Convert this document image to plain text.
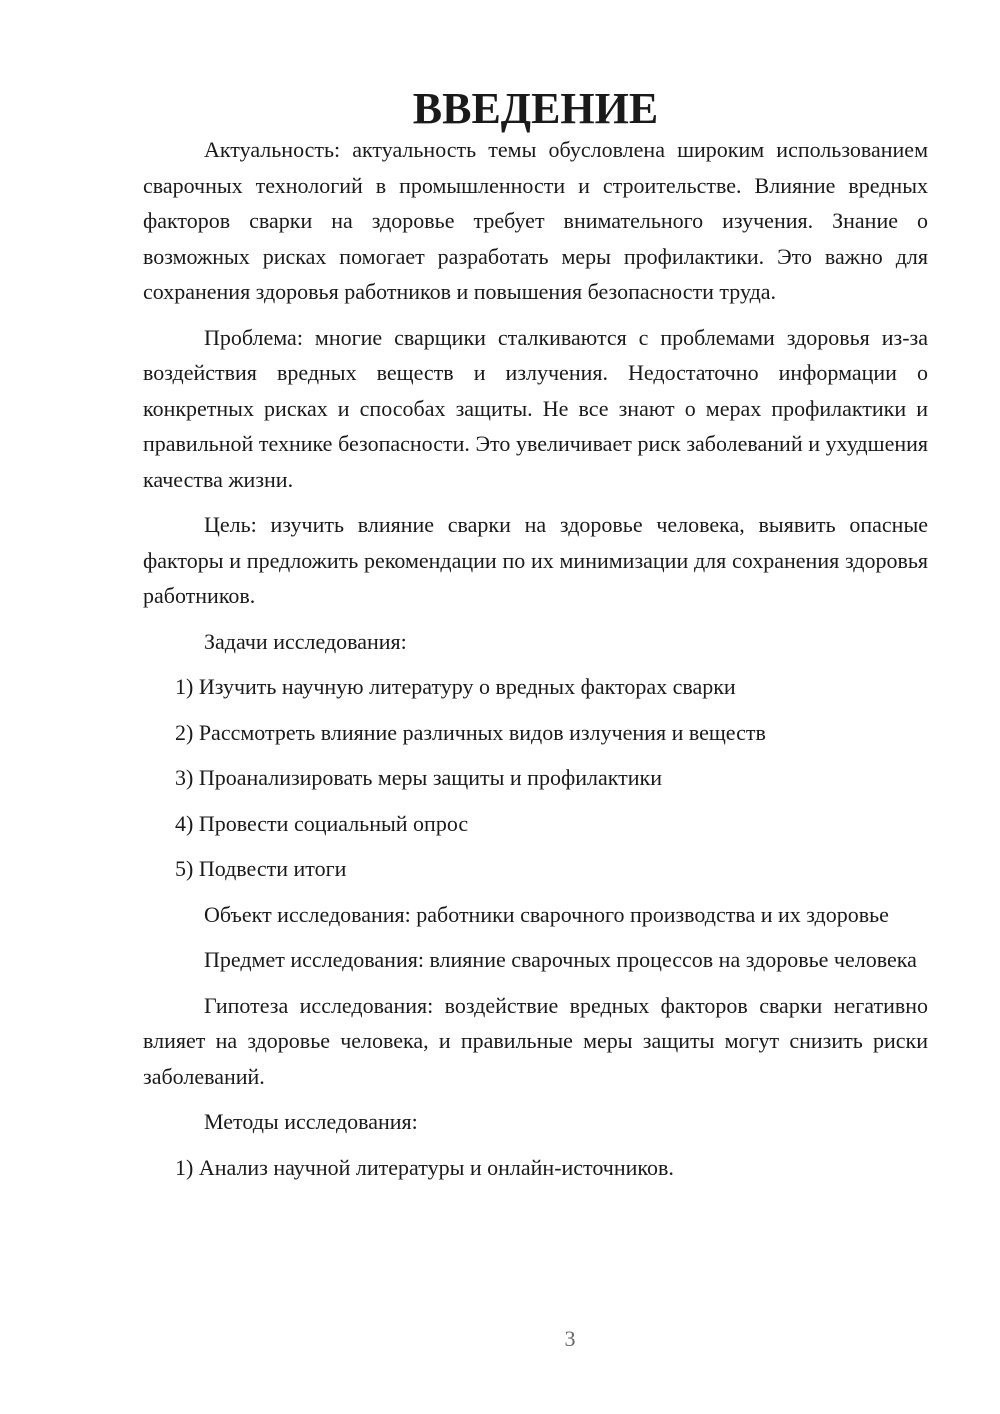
ВВЕДЕНИЕ

Актуальность: актуальность темы обусловлена широким использованием сварочных технологий в промышленности и строительстве. Влияние вредных факторов сварки на здоровье требует внимательного изучения. Знание о возможных рисках помогает разработать меры профилактики. Это важно для сохранения здоровья работников и повышения безопасности труда.

Проблема: многие сварщики сталкиваются с проблемами здоровья из-за воздействия вредных веществ и излучения. Недостаточно информации о конкретных рисках и способах защиты. Не все знают о мерах профилактики и правильной технике безопасности. Это увеличивает риск заболеваний и ухудшения качества жизни.

Цель: изучить влияние сварки на здоровье человека, выявить опасные факторы и предложить рекомендации по их минимизации для сохранения здоровья работников.

Задачи исследования:

1) Изучить научную литературу о вредных факторах сварки
2) Рассмотреть влияние различных видов излучения и веществ
3) Проанализировать меры защиты и профилактики
4) Провести социальный опрос
5) Подвести итоги

Объект исследования: работники сварочного производства и их здоровье

Предмет исследования: влияние сварочных процессов на здоровье человека

Гипотеза исследования: воздействие вредных факторов сварки негативно влияет на здоровье человека, и правильные меры защиты могут снизить риски заболеваний.

Методы исследования:

1) Анализ научной литературы и онлайн-источников.
3
